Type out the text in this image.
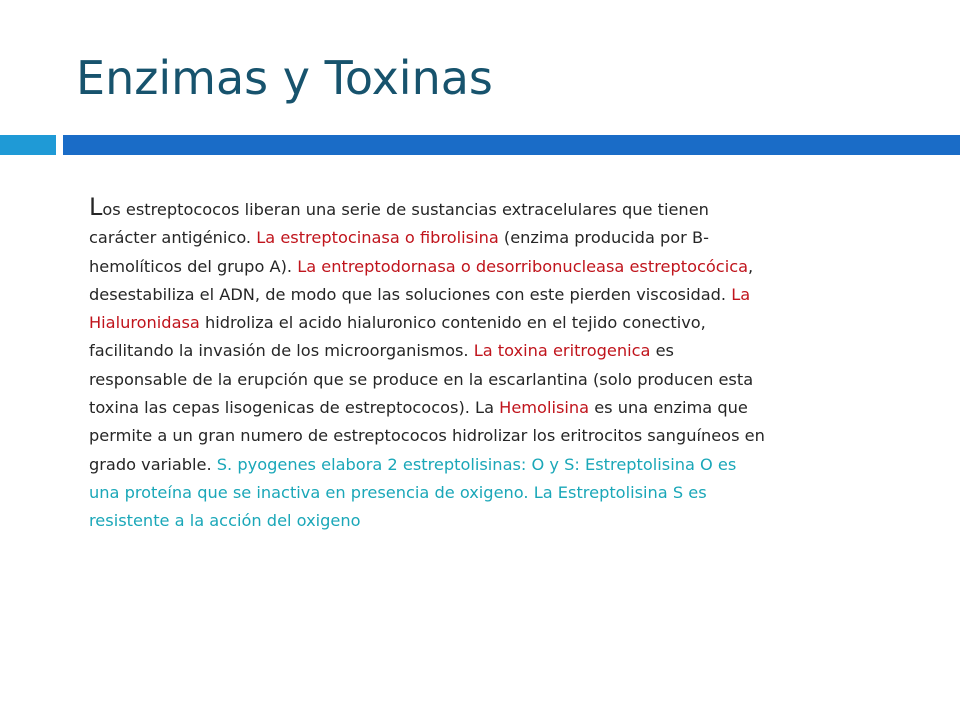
Enzimas y Toxinas

Los estreptococos liberan una serie de sustancias extracelulares que tienen carácter antigénico. La estreptocinasa o fibrolisina (enzima producida por B-hemolíticos del grupo A). La entreptodornasa o desorribonucleasa estreptocócica, desestabiliza el ADN, de modo que las soluciones con este pierden viscosidad. La Hialuronidasa hidroliza el acido hialuronico contenido en el tejido conectivo, facilitando la invasión de los microorganismos. La toxina eritrogenica es responsable de la erupción que se produce en la escarlantina (solo producen esta toxina las cepas lisogenicas de estreptococos). La Hemolisina es una enzima que permite a un gran numero de estreptococos hidrolizar los eritrocitos sanguíneos en grado variable. S. pyogenes elabora 2 estreptolisinas: O y S: Estreptolisina O es una proteína que se inactiva en presencia de oxigeno. La Estreptolisina S es resistente a la acción del oxigeno
